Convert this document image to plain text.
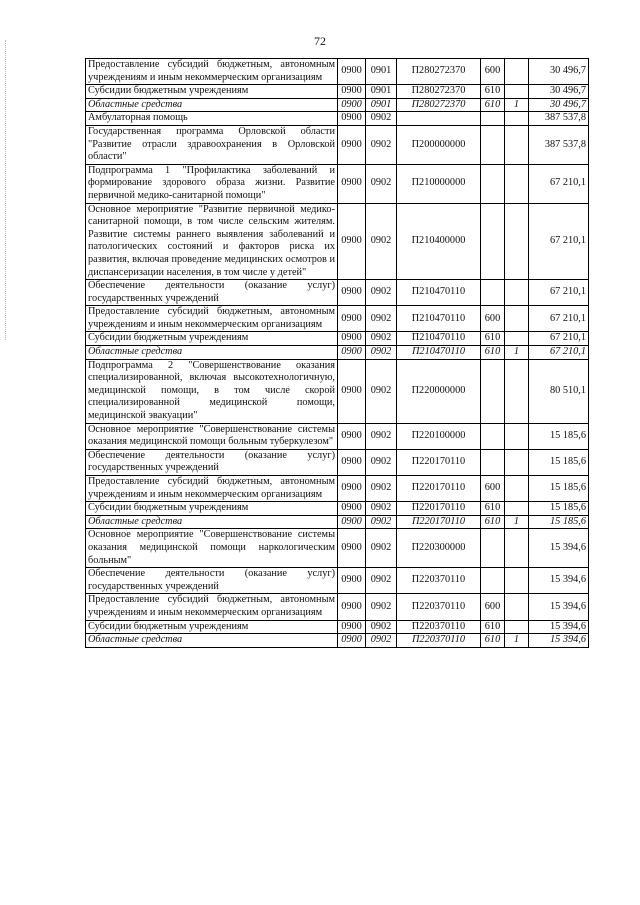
72
Предоставление субсидий бюджетным, автономным учреждениям и иным некоммерческим организациям	0900	0901	П280272370	600		30 496,7
Субсидии бюджетным учреждениям	0900	0901	П280272370	610		30 496,7
Областные средства	0900	0901	П280272370	610	1	30 496,7
Амбулаторная помощь	0900	0902				387 537,8
Государственная программа Орловской области "Развитие отрасли здравоохранения в Орловской области"	0900	0902	П200000000			387 537,8
Подпрограмма 1 "Профилактика заболеваний и формирование здорового образа жизни. Развитие первичной медико-санитарной помощи"	0900	0902	П210000000			67 210,1
Основное мероприятие "Развитие первичной медико-санитарной помощи, в том числе сельским жителям. Развитие системы раннего выявления заболеваний и патологических состояний и факторов риска их развития, включая проведение медицинских осмотров и диспансеризации населения, в том числе у детей"	0900	0902	П210400000			67 210,1
Обеспечение деятельности (оказание услуг) государственных учреждений	0900	0902	П210470110			67 210,1
Предоставление субсидий бюджетным, автономным учреждениям и иным некоммерческим организациям	0900	0902	П210470110	600		67 210,1
Субсидии бюджетным учреждениям	0900	0902	П210470110	610		67 210,1
Областные средства	0900	0902	П210470110	610	1	67 210,1
Подпрограмма 2 "Совершенствование оказания специализированной, включая высокотехнологичную, медицинской помощи, в том числе скорой специализированной медицинской помощи, медицинской эвакуации"	0900	0902	П220000000			80 510,1
Основное мероприятие "Совершенствование системы оказания медицинской помощи больным туберкулезом"	0900	0902	П220100000			15 185,6
Обеспечение деятельности (оказание услуг) государственных учреждений	0900	0902	П220170110			15 185,6
Предоставление субсидий бюджетным, автономным учреждениям и иным некоммерческим организациям	0900	0902	П220170110	600		15 185,6
Субсидии бюджетным учреждениям	0900	0902	П220170110	610		15 185,6
Областные средства	0900	0902	П220170110	610	1	15 185,6
Основное мероприятие "Совершенствование системы оказания медицинской помощи наркологическим больным"	0900	0902	П220300000			15 394,6
Обеспечение деятельности (оказание услуг) государственных учреждений	0900	0902	П220370110			15 394,6
Предоставление субсидий бюджетным, автономным учреждениям и иным некоммерческим организациям	0900	0902	П220370110	600		15 394,6
Субсидии бюджетным учреждениям	0900	0902	П220370110	610		15 394,6
Областные средства	0900	0902	П220370110	610	1	15 394,6
